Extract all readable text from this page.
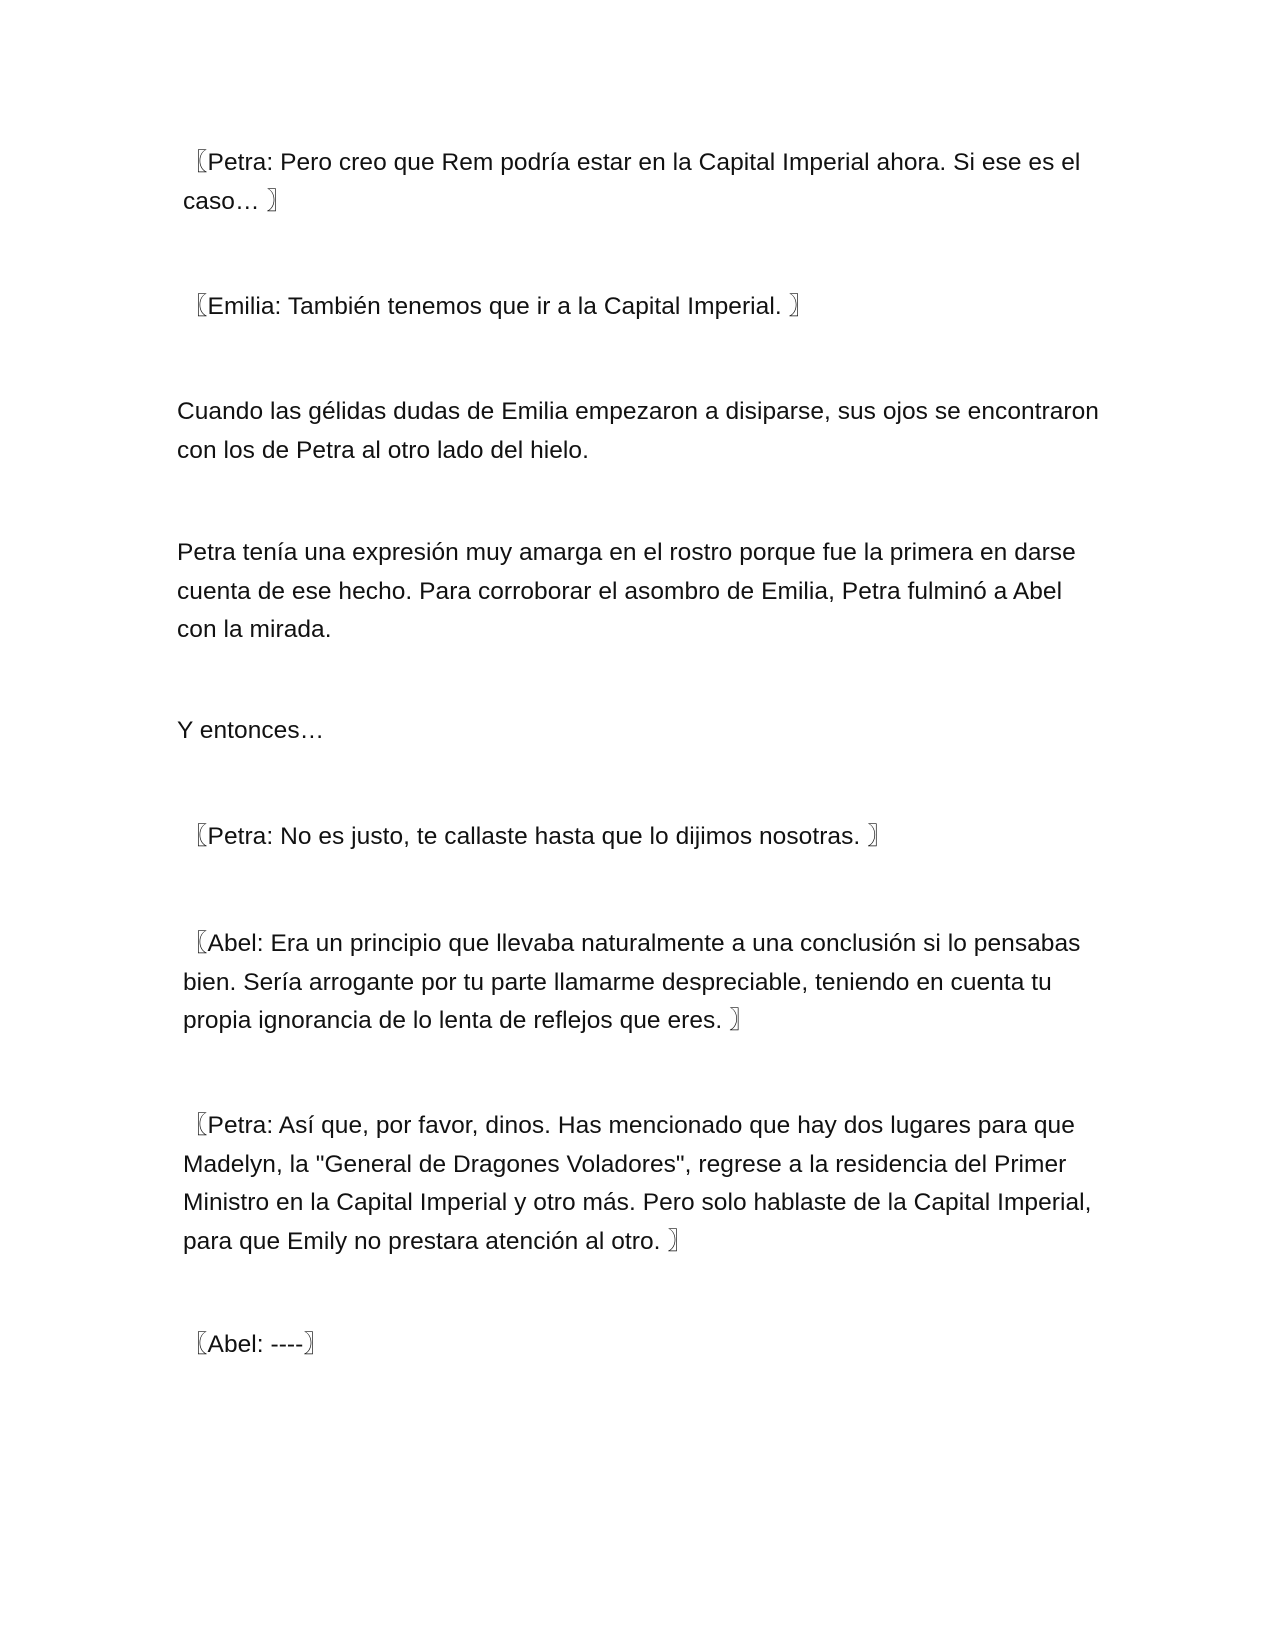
〖Petra: Pero creo que Rem podría estar en la Capital Imperial ahora. Si ese es el caso… 〗

〖Emilia: También tenemos que ir a la Capital Imperial. 〗

Cuando las gélidas dudas de Emilia empezaron a disiparse, sus ojos se encontraron con los de Petra al otro lado del hielo.

Petra tenía una expresión muy amarga en el rostro porque fue la primera en darse cuenta de ese hecho. Para corroborar el asombro de Emilia, Petra fulminó a Abel con la mirada.

Y entonces…

〖Petra: No es justo, te callaste hasta que lo dijimos nosotras. 〗

〖Abel: Era un principio que llevaba naturalmente a una conclusión si lo pensabas bien. Sería arrogante por tu parte llamarme despreciable, teniendo en cuenta tu propia ignorancia de lo lenta de reflejos que eres. 〗

〖Petra: Así que, por favor, dinos. Has mencionado que hay dos lugares para que Madelyn, la "General de Dragones Voladores", regrese a la residencia del Primer Ministro en la Capital Imperial y otro más. Pero solo hablaste de la Capital Imperial, para que Emily no prestara atención al otro. 〗

〖Abel: ----〗
